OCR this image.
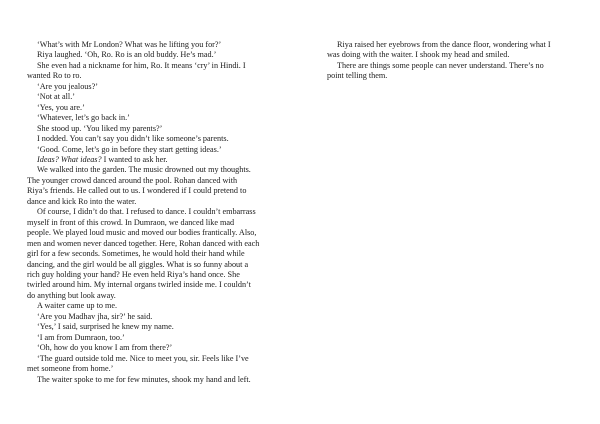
‘What’s with Mr London? What was he lifting you for?’

Riya laughed. ‘Oh, Ro. Ro is an old buddy. He’s mad.’

She even had a nickname for him, Ro. It means ‘cry’ in Hindi. I

wanted Ro to ro.

‘Are you jealous?’

‘Not at all.’

‘Yes, you are.’

‘Whatever, let’s go back in.’

She stood up. ‘You liked my parents?’

I nodded. You can’t say you didn’t like someone’s parents.

‘Good. Come, let’s go in before they start getting ideas.’

Ideas? What ideas? I wanted to ask her.

We walked into the garden. The music drowned out my thoughts.

The younger crowd danced around the pool. Rohan danced with

Riya’s friends. He called out to us. I wondered if I could pretend to

dance and kick Ro into the water.

Of course, I didn’t do that. I refused to dance. I couldn’t embarrass

myself in front of this crowd. In Dumraon, we danced like mad

people. We played loud music and moved our bodies frantically. Also,

men and women never danced together. Here, Rohan danced with each

girl for a few seconds. Sometimes, he would hold their hand while

dancing, and the girl would be all giggles. What is so funny about a

rich guy holding your hand? He even held Riya’s hand once. She

twirled around him. My internal organs twirled inside me. I couldn’t

do anything but look away.

A waiter came up to me.

‘Are you Madhav jha, sir?’ he said.

‘Yes,’ I said, surprised he knew my name.

‘I am from Dumraon, too.’

‘Oh, how do you know I am from there?’

‘The guard outside told me. Nice to meet you, sir. Feels like I’ve

met someone from home.’

The waiter spoke to me for few minutes, shook my hand and left.

Riya raised her eyebrows from the dance floor, wondering what I

was doing with the waiter. I shook my head and smiled.

There are things some people can never understand. There’s no

point telling them.
